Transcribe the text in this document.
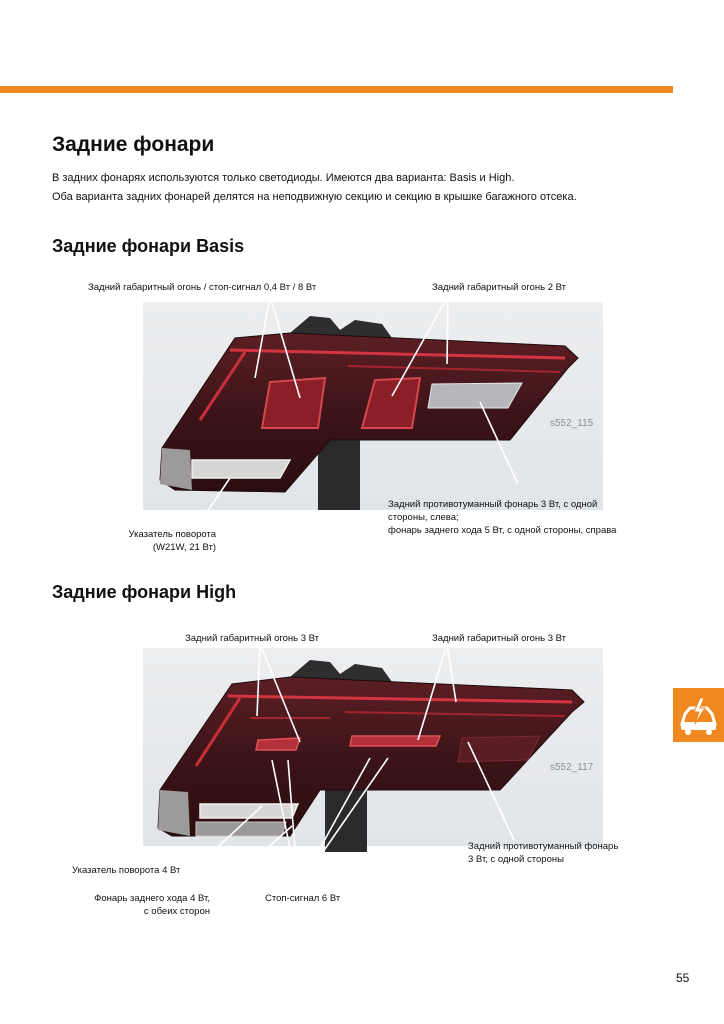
Задние фонари
В задних фонарях используются только светодиоды. Имеются два варианта: Basis и High.
Оба варианта задних фонарей делятся на неподвижную секцию и секцию в крышке багажного отсека.
Задние фонари Basis
Задний габаритный огонь / стоп-сигнал 0,4 Вт / 8 Вт	Задний габаритный огонь 2 Вт
s552_115
Задний противотуманный фонарь 3 Вт, с одной
стороны, слева;
фонарь заднего хода 5 Вт, с одной стороны, справа
Указатель поворота
(W21W, 21 Вт)
Задние фонари High
Задний габаритный огонь 3 Вт	Задний габаритный огонь 3 Вт
s552_117
Задний противотуманный фонарь
3 Вт, с одной стороны
Указатель поворота 4 Вт
Фонарь заднего хода 4 Вт,
с обеих сторон
Стоп-сигнал 6 Вт
55
